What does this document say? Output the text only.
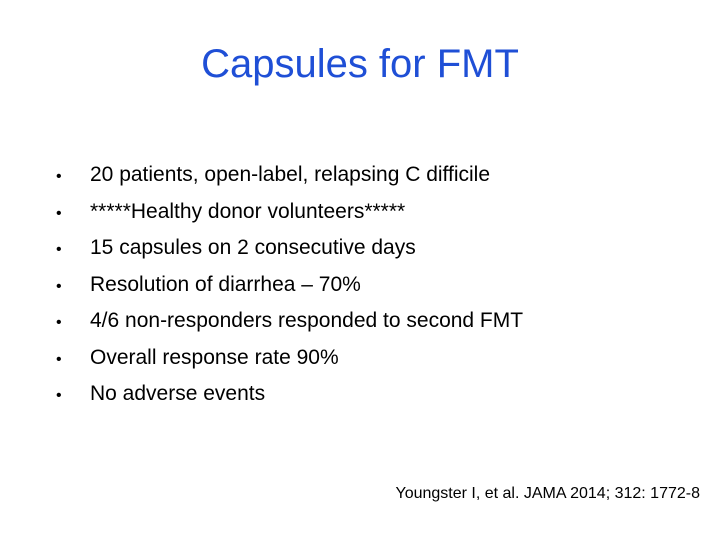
Capsules for FMT
•	20 patients, open-label, relapsing C difficile
•	*****Healthy donor volunteers*****
•	15 capsules on 2 consecutive days
•	Resolution of diarrhea – 70%
•	4/6 non-responders responded to second FMT
•	Overall response rate 90%
•	No adverse events
Youngster I, et al. JAMA 2014; 312: 1772-8
